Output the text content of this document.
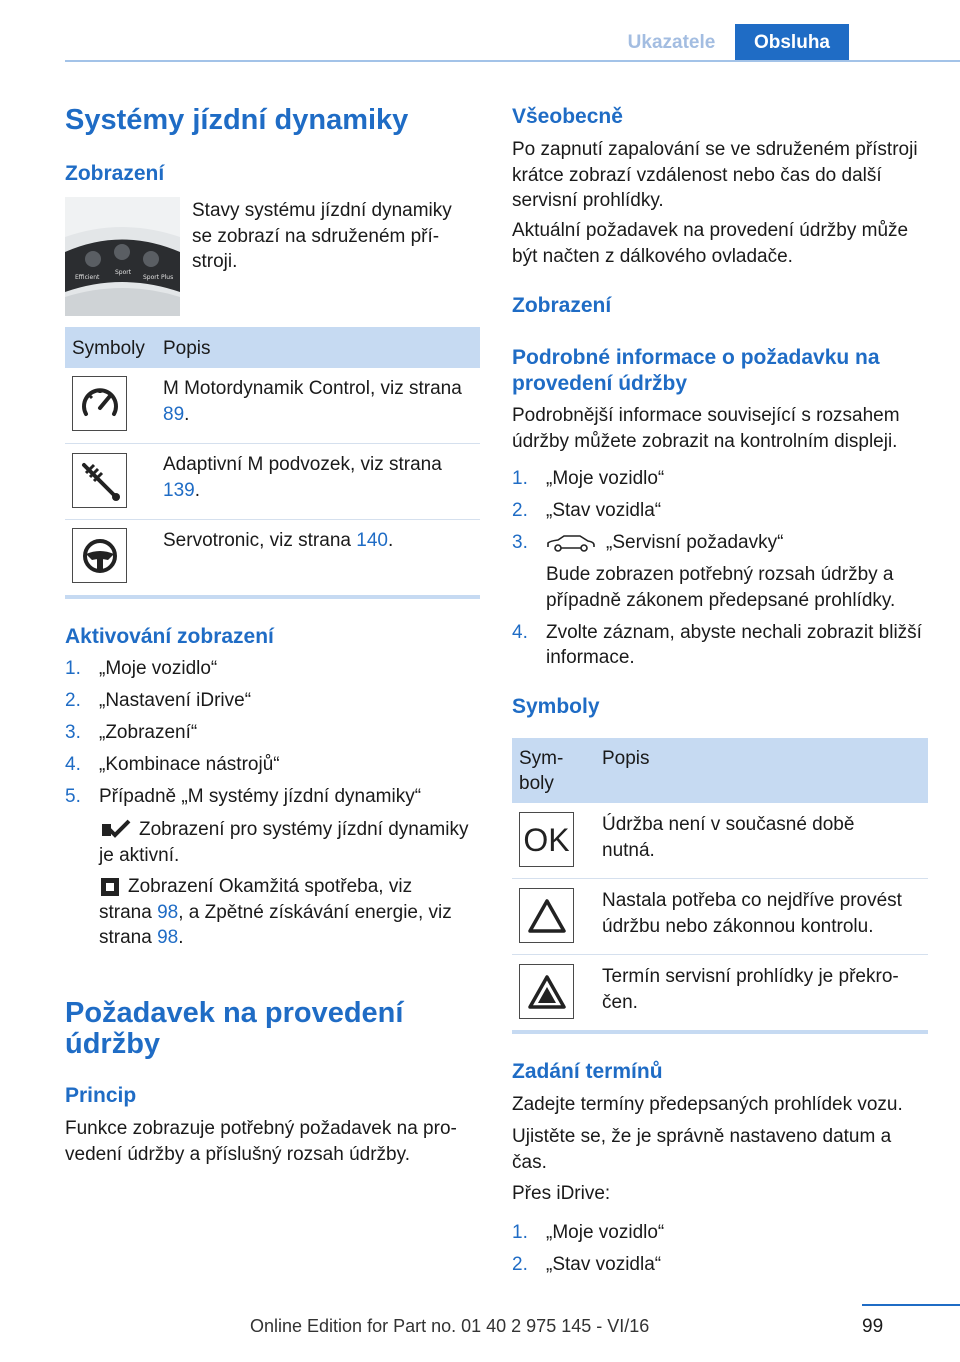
Ukazatele	Obsluha
Systémy jízdní dynamiky
Zobrazení
Efficient
Sport
Sport Plus
Stavy systému jízdní dynamiky se zobrazí na sdruženém přístroji.
Symboly Popis
M Motordynamik Control, viz strana 89.
Adaptivní M podvozek, viz strana 139.
Servotronic, viz strana 140.
Aktivování zobrazení
1. „Moje vozidlo“
2. „Nastavení iDrive“
3. „Zobrazení“
4. „Kombinace nástrojů“
5. Případně „M systémy jízdní dynamiky“
Zobrazení pro systémy jízdní dynamiky je aktivní.
Zobrazení Okamžitá spotřeba, viz strana 98, a Zpětné získávání energie, viz strana 98.
Požadavek na provedení údržby
Princip
Funkce zobrazuje potřebný požadavek na provedení údržby a příslušný rozsah údržby.
Všeobecně
Po zapnutí zapalování se ve sdruženém přístroji krátce zobrazí vzdálenost nebo čas do další servisní prohlídky.
Aktuální požadavek na provedení údržby může být načten z dálkového ovladače.
Zobrazení
Podrobné informace o požadavku na provedení údržby
Podrobnější informace související s rozsahem údržby můžete zobrazit na kontrolním displeji.
1. „Moje vozidlo“
2. „Stav vozidla“
3.	„Servisní požadavky“
Bude zobrazen potřebný rozsah údržby a případně zákonem předepsané prohlídky.
4. Zvolte záznam, abyste nechali zobrazit bližší informace.
Symboly
Symboly
Popis
OK Údržba není v současné době nutná.
Nastala potřeba co nejdříve provést údržbu nebo zákonnou kontrolu.
Termín servisní prohlídky je překročen.
Zadání termínů
Zadejte termíny předepsaných prohlídek vozu.
Ujistěte se, že je správně nastaveno datum a čas.
Přes iDrive:
1. „Moje vozidlo“
2. „Stav vozidla“
99
Online Edition for Part no. 01 40 2 975 145 - VI/16
